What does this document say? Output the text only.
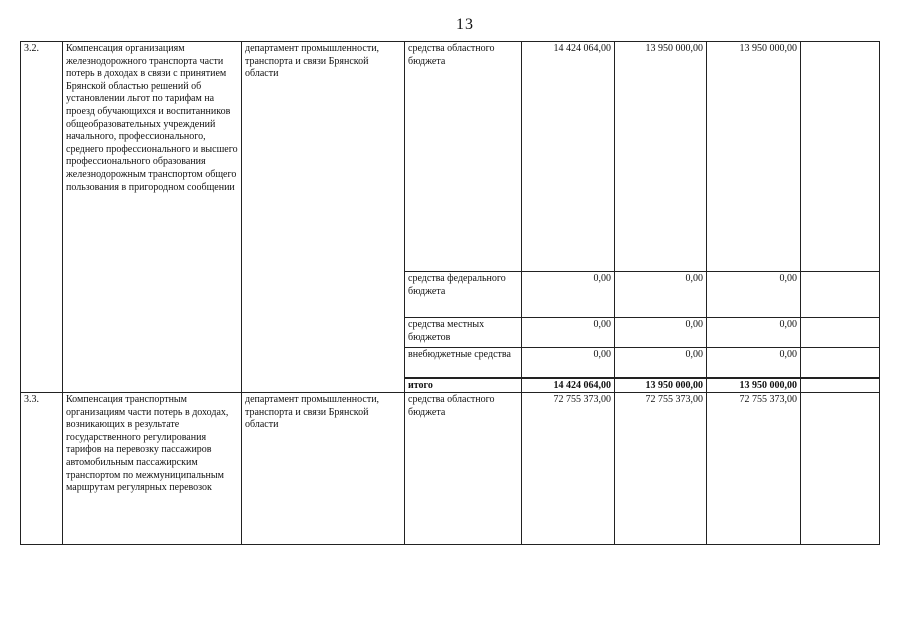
13
3.2.	Компенсация организациям железнодорожного транспорта части потерь в доходах в связи с принятием Брянской областью решений об установлении льгот по тарифам на проезд обучающихся и воспитанников общеобразовательных учреждений начального, профессионального, среднего профессионального и высшего профессионального образования железнодорожным транспортом общего пользования в пригородном сообщении	департамент промышленности, транспорта и связи Брянской области	средства областного бюджета	14 424 064,00	13 950 000,00	13 950 000,00	
			средства федерального бюджета	0,00	0,00	0,00	
			средства местных бюджетов	0,00	0,00	0,00	
			внебюджетные средства	0,00	0,00	0,00	
			итого	14 424 064,00	13 950 000,00	13 950 000,00	
3.3.	Компенсация транспортным организациям части потерь в доходах, возникающих в результате государственного регулирования тарифов на перевозку пассажиров автомобильным пассажирским транспортом по межмуниципальным маршрутам регулярных перевозок	департамент промышленности, транспорта и связи Брянской области	средства областного бюджета	72 755 373,00	72 755 373,00	72 755 373,00	
